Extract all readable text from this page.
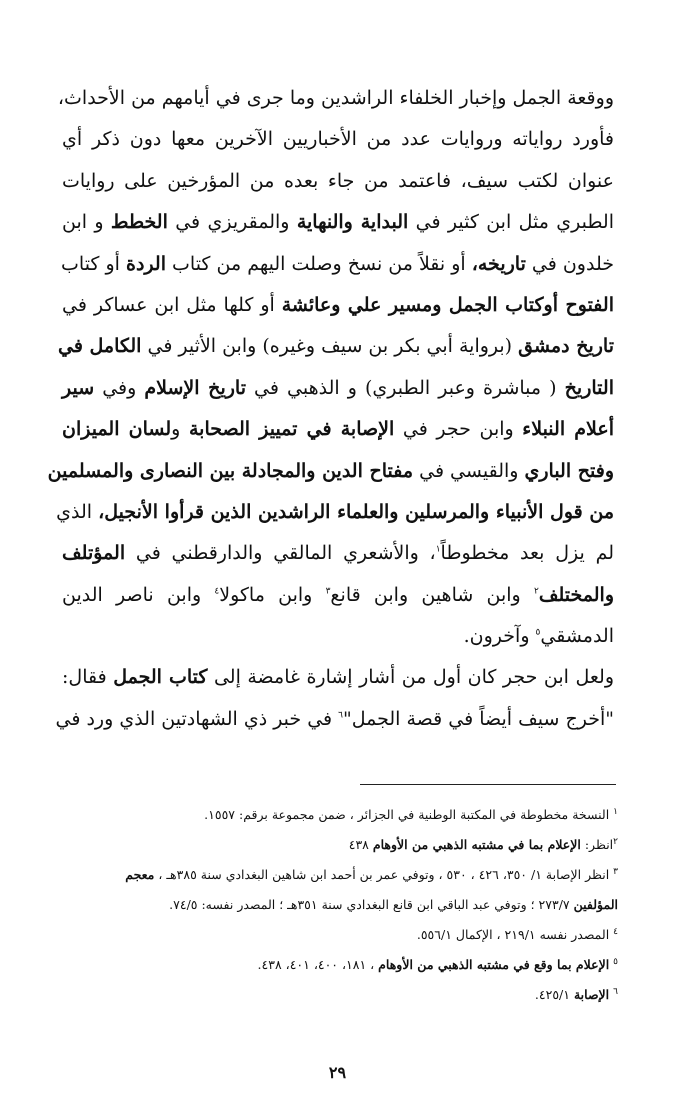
ووقعة الجمل وإخبار الخلفاء الراشدين وما جرى في أيامهم من الأحداث،
فأورد رواياته وروايات عدد من الأخباريين الآخرين معها دون ذكر أي
عنوان لكتب سيف، فاعتمد من جاء بعده من المؤرخين على روايات
الطبري مثل ابن كثير في البداية والنهاية والمقريزي في الخطط و ابن
خلدون في تاريخه، أو نقلاً من نسخ وصلت اليهم من كتاب الردة أو كتاب
الفتوح أوكتاب الجمل ومسير علي وعائشة أو كلها مثل ابن عساكر في
تاريخ دمشق (برواية أبي بكر بن سيف وغيره) وابن الأثير في الكامل في
التاريخ ( مباشرة وعبر الطبري) و الذهبي في تاريخ الإسلام وفي سير
أعلام النبلاء وابن حجر في الإصابة في تمييز الصحابة ولسان الميزان
وفتح الباري والقيسي في مفتاح الدين والمجادلة بين النصارى والمسلمين
من قول الأنبياء والمرسلين والعلماء الراشدين الذين قرأوا الأنجيل، الذي
لم يزل بعد مخطوطاً$^١$، والأشعري المالقي والدارقطني في المؤتلف
والمختلف$^٢$ وابن شاهين وابن قانع$^٣$ وابن ماكولا$^٤$ وابن ناصر الدين
الدمشقي$^٥$ وآخرون.
ولعل ابن حجر كان أول من أشار إشارة غامضة إلى كتاب الجمل فقال:
"أخرج سيف أيضاً في قصة الجمل"$^٦$ في خبر ذي الشهادتين الذي ورد في
$^١$ النسخة مخطوطة في المكتبة الوطنية في الجزائر ، ضمن مجموعة برقم: ١٥٥٧.
$^٢$انظر: الإعلام بما في مشتبه الذهبي من الأوهام ٤٣٨
$^٣$ انظر الإصابة ١/ ٣٥٠، ٤٢٦ ، ٥٣٠ ، وتوفي عمر بن أحمد ابن شاهين البغدادي سنة ٣٨٥هـ ، معجم
المؤلفين ٢٧٣/٧ ؛ وتوفي عبد الباقي ابن قانع البغدادي سنة ٣٥١هـ ؛ المصدر نفسه: ٧٤/٥.
$^٤$ المصدر نفسه ٢١٩/١ ، الإكمال ٥٥٦/١.
$^٥$ الإعلام بما وقع في مشتبه الذهبي من الأوهام ، ١٨١، ٤٠٠، ٤٠١، ٤٣٨.
$^٦$ الإصابة ٤٢٥/١.
٢٩
